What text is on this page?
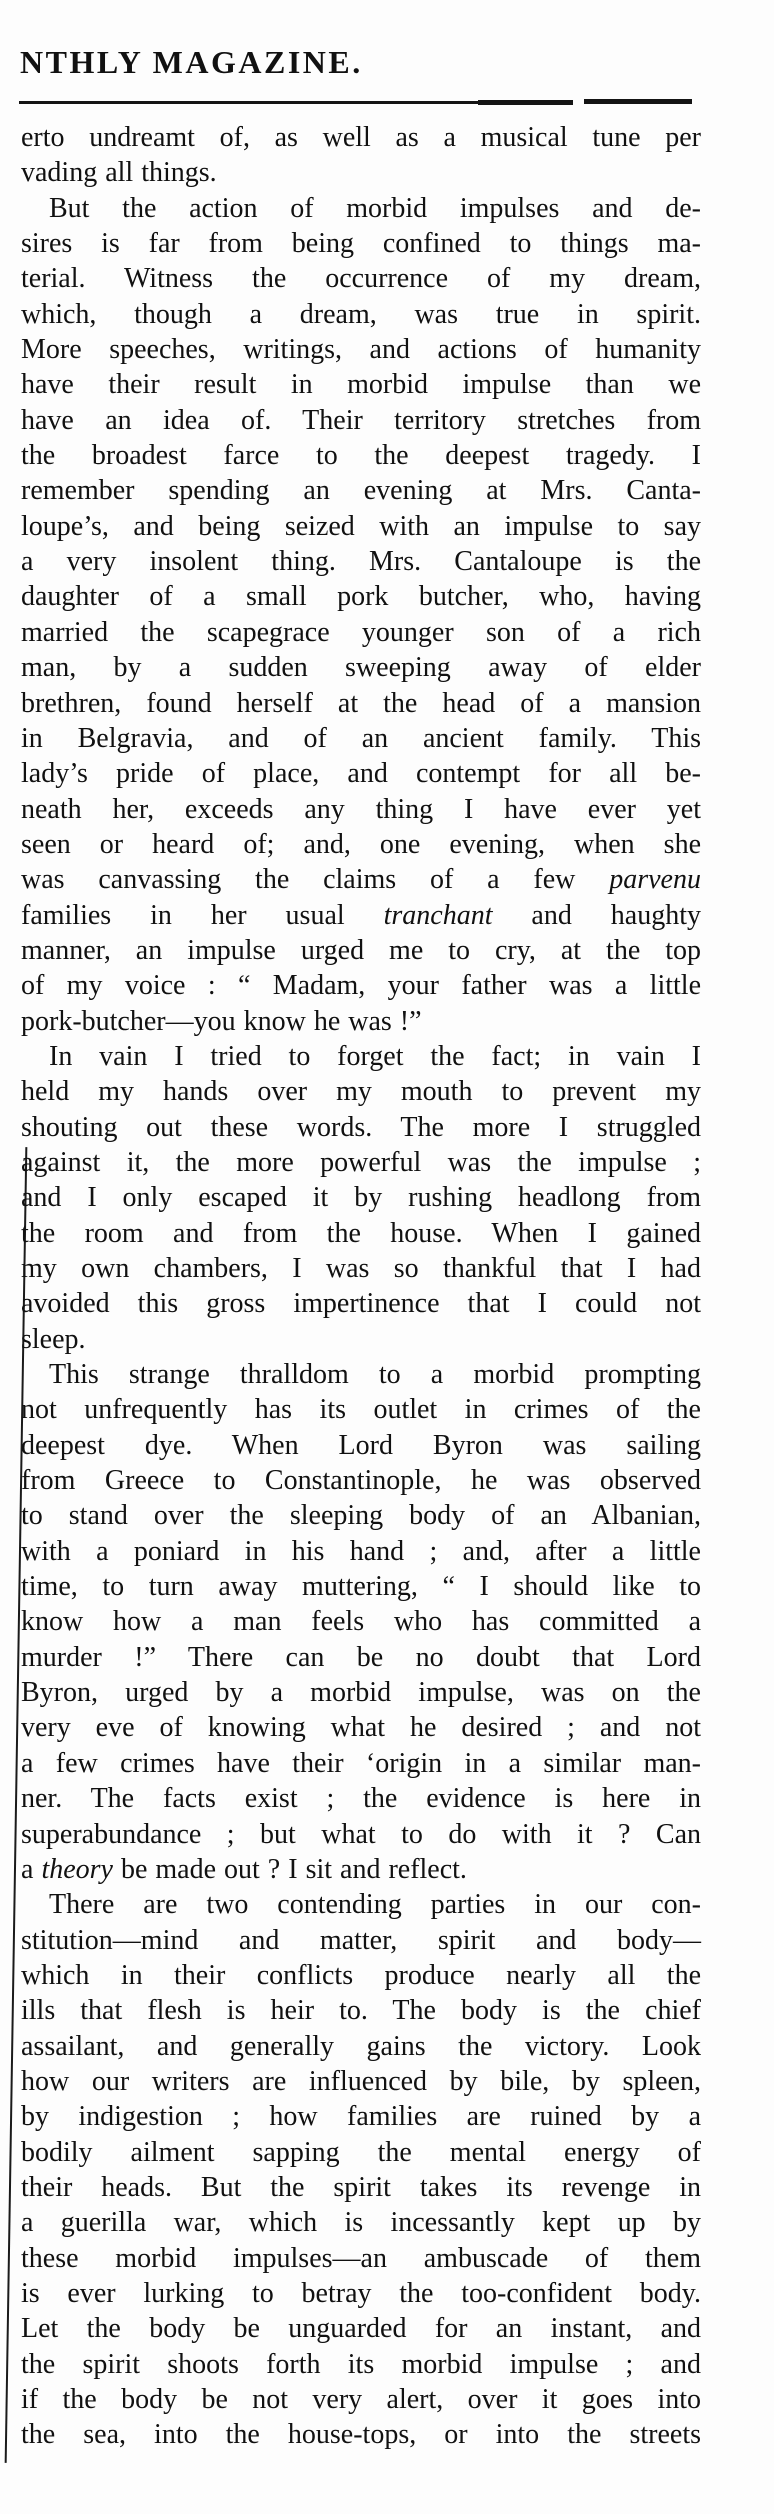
NTHLY MAGAZINE.
erto undreamt of, as well as a musical tune per
vading all things.
But the action of morbid impulses and de-
sires is far from being confined to things ma-
terial. Witness the occurrence of my dream,
which, though a dream, was true in spirit.
More speeches, writings, and actions of humanity
have their result in morbid impulse than we
have an idea of. Their territory stretches from
the broadest farce to the deepest tragedy. I
remember spending an evening at Mrs. Canta-
loupe’s, and being seized with an impulse to say
a very insolent thing. Mrs. Cantaloupe is the
daughter of a small pork butcher, who, having
married the scapegrace younger son of a rich
man, by a sudden sweeping away of elder
brethren, found herself at the head of a mansion
in Belgravia, and of an ancient family. This
lady’s pride of place, and contempt for all be-
neath her, exceeds any thing I have ever yet
seen or heard of; and, one evening, when she
was canvassing the claims of a few parvenu
families in her usual tranchant and haughty
manner, an impulse urged me to cry, at the top
of my voice : “ Madam, your father was a little
pork-butcher—you know he was !”
In vain I tried to forget the fact; in vain I
held my hands over my mouth to prevent my
shouting out these words. The more I struggled
against it, the more powerful was the impulse ;
and I only escaped it by rushing headlong from
the room and from the house. When I gained
my own chambers, I was so thankful that I had
avoided this gross impertinence that I could not
sleep.
This strange thralldom to a morbid prompting
not unfrequently has its outlet in crimes of the
deepest dye. When Lord Byron was sailing
from Greece to Constantinople, he was observed
to stand over the sleeping body of an Albanian,
with a poniard in his hand ; and, after a little
time, to turn away muttering, “ I should like to
know how a man feels who has committed a
murder !” There can be no doubt that Lord
Byron, urged by a morbid impulse, was on the
very eve of knowing what he desired ; and not
a few crimes have their ‘origin in a similar man-
ner. The facts exist ; the evidence is here in
superabundance ; but what to do with it ? Can
a theory be made out ? I sit and reflect.
There are two contending parties in our con-
stitution—mind and matter, spirit and body—
which in their conflicts produce nearly all the
ills that flesh is heir to. The body is the chief
assailant, and generally gains the victory. Look
how our writers are influenced by bile, by spleen,
by indigestion ; how families are ruined by a
bodily ailment sapping the mental energy of
their heads. But the spirit takes its revenge in
a guerilla war, which is incessantly kept up by
these morbid impulses—an ambuscade of them
is ever lurking to betray the too-confident body.
Let the body be unguarded for an instant, and
the spirit shoots forth its morbid impulse ; and
if the body be not very alert, over it goes into
the sea, into the house-tops, or into the streets
